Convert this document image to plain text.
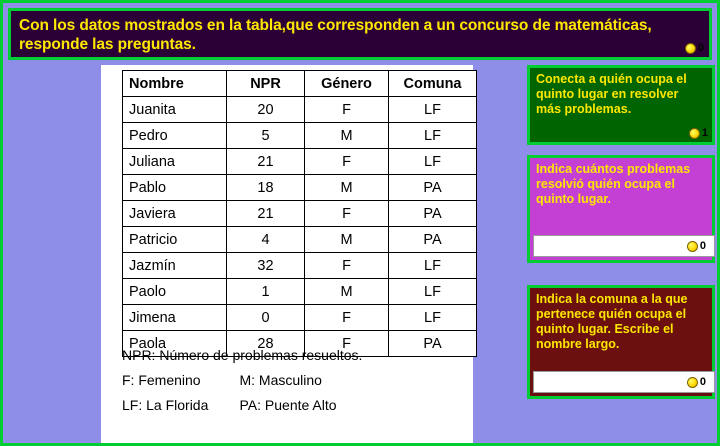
Con los datos mostrados en la tabla,que corresponden a un concurso de matemáticas, responde las preguntas.	0
Nombre	NPR	Género	Comuna
Juanita	20	F	LF
Pedro	5	M	LF
Juliana	21	F	LF
Pablo	18	M	PA
Javiera	21	F	PA
Patricio	4	M	PA
Jazmín	32	F	LF
Paolo	1	M	LF
Jimena	0	F	LF
Paola	28	F	PA
NPR: Número de problemas resueltos.
F: Femenino          M: Masculino
LF: La Florida        PA: Puente Alto
Conecta a quién ocupa el quinto lugar en resolver más problemas.
1
Indica cuántos problemas resolvió quién ocupa el quinto lugar.
0
Indica la comuna a la que pertenece quién ocupa el quinto lugar. Escribe el nombre largo.
0
